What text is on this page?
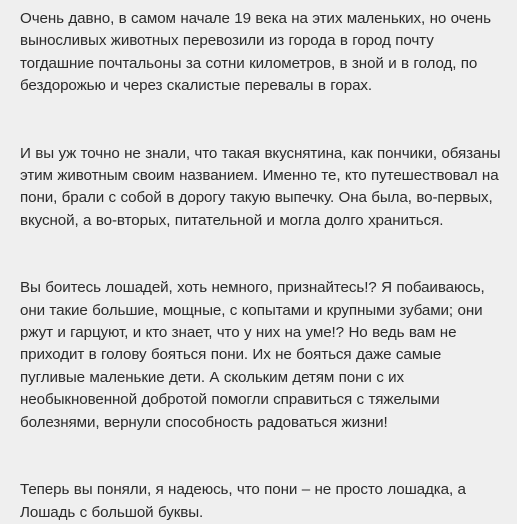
Очень давно, в самом начале 19 века на этих маленьких, но очень выносливых животных перевозили из города в город почту тогдашние почтальоны за сотни километров, в зной и в голод, по бездорожью и через скалистые перевалы в горах.

И вы уж точно не знали, что такая вкуснятина, как пончики, обязаны этим животным своим названием. Именно те, кто путешествовал на пони, брали с собой в дорогу такую выпечку. Она была, во-первых, вкусной, а во-вторых, питательной и могла долго храниться.

Вы боитесь лошадей, хоть немного, признайтесь!? Я побаиваюсь, они такие большие, мощные, с копытами и крупными зубами; они ржут и гарцуют, и кто знает, что у них на уме!? Но ведь вам не приходит в голову бояться пони. Их не бояться даже самые пугливые маленькие дети. А скольким детям пони с их необыкновенной добротой помогли справиться с тяжелыми болезнями, вернули способность радоваться жизни!

Теперь вы поняли, я надеюсь, что пони – не просто лошадка, а Лошадь с большой буквы.
